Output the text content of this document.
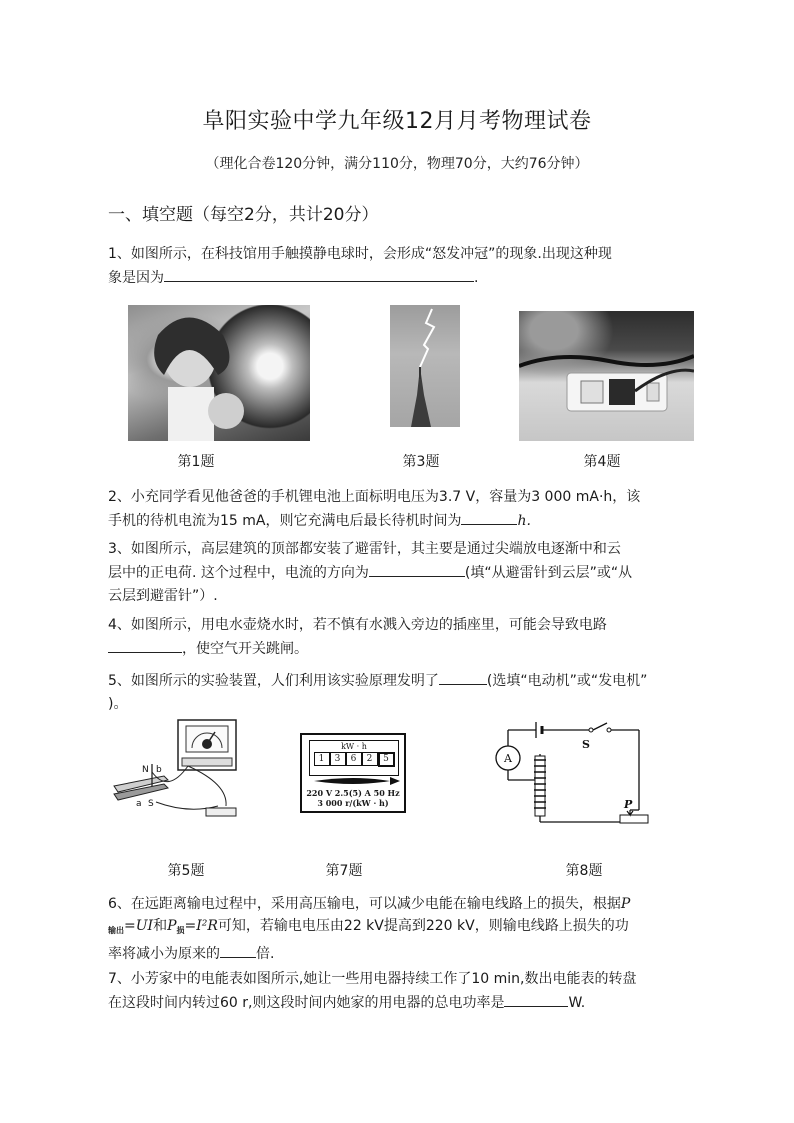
阜阳实验中学九年级12月月考物理试卷
（理化合卷120分钟，满分110分，物理70分，大约76分钟）
一、填空题（每空2分，共计20分）
1、如图所示，在科技馆用手触摸静电球时，会形成“怒发冲冠”的现象.出现这种现
象是因为	.
第1题	第3题	第4题
2、小充同学看见他爸爸的手机锂电池上面标明电压为3.7 V，容量为3 000 mA·h，该
手机的待机电流为15 mA，则它充满电后最长待机时间为	h.
3、如图所示，高层建筑的顶部都安装了避雷针，其主要是通过尖端放电逐渐中和云
层中的正电荷. 这个过程中，电流的方向为	(填“从避雷针到云层”或“从
云层到避雷针”）.
4、如图所示，用电水壶烧水时，若不慎有水溅入旁边的插座里，可能会导致电路
，使空气开关跳闸。
5、如图所示的实验装置，人们利用该实验原理发明了	(选填“电动机”或“发电机”
)。
N b
a S
第5题
kW · h
1	3	6	2	5
220 V 2.5(5) A 50 Hz
3 000 r/(kW · h)
第7题
A
S
P
第8题
6、在远距离输电过程中，采用高压输电，可以减少电能在输电线路上的损失，根据P
$_{输出}$=UI和$P_损=I^2R$可知，若输电电压由22 kV提高到220 kV，则输电线路上损失的功
率将减小为原来的	倍.
7、小芳家中的电能表如图所示,她让一些用电器持续工作了10 min,数出电能表的转盘
在这段时间内转过60 r,则这段时间内她家的用电器的总电功率是	W.
